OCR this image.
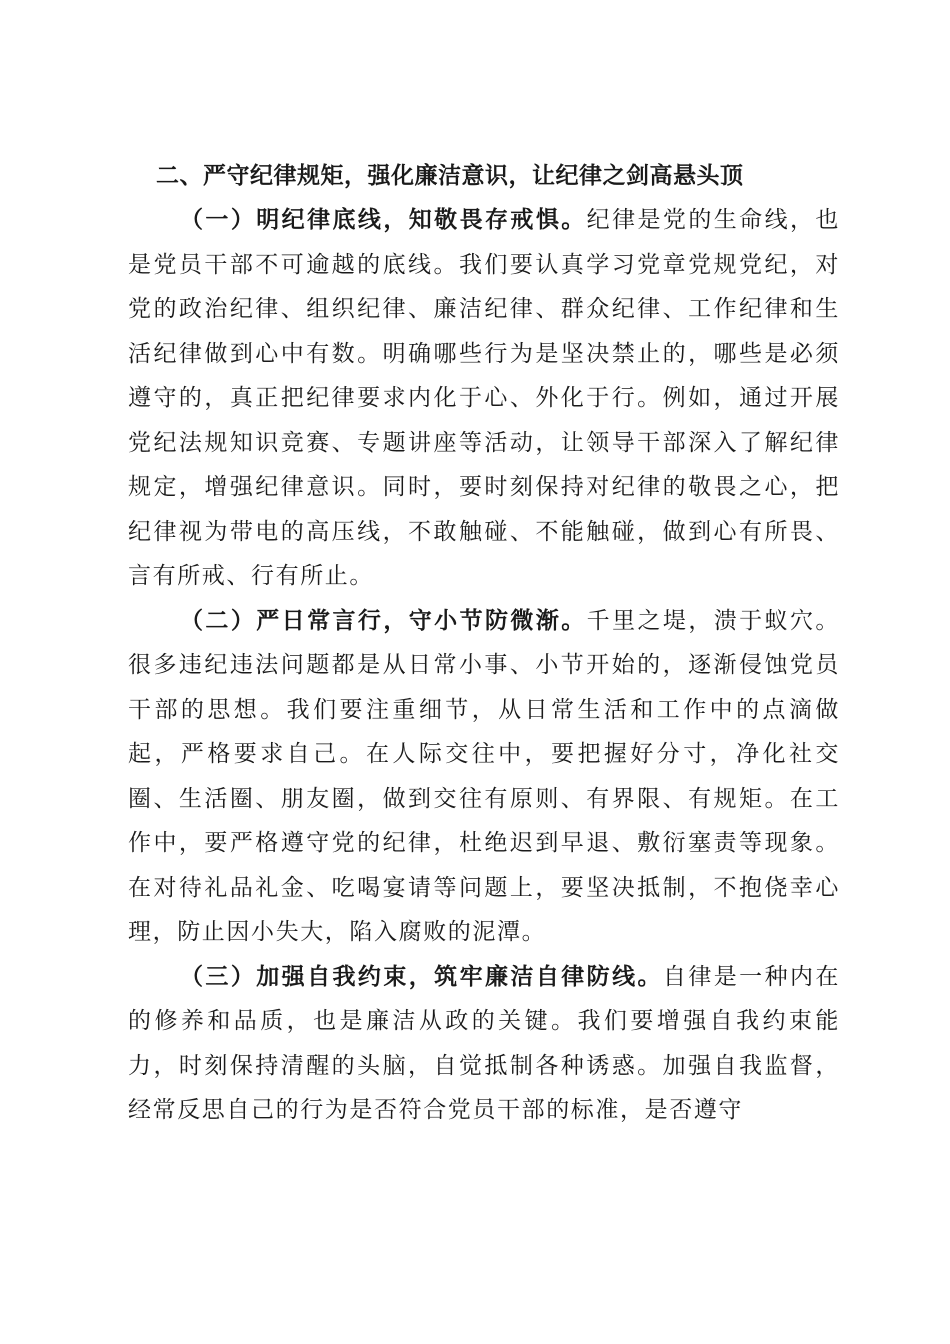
二、严守纪律规矩，强化廉洁意识，让纪律之剑高悬头顶

（一）明纪律底线，知敬畏存戒惧。纪律是党的生命线，也是党员干部不可逾越的底线。我们要认真学习党章党规党纪，对党的政治纪律、组织纪律、廉洁纪律、群众纪律、工作纪律和生活纪律做到心中有数。明确哪些行为是坚决禁止的，哪些是必须遵守的，真正把纪律要求内化于心、外化于行。例如，通过开展党纪法规知识竞赛、专题讲座等活动，让领导干部深入了解纪律规定，增强纪律意识。同时，要时刻保持对纪律的敬畏之心，把纪律视为带电的高压线，不敢触碰、不能触碰，做到心有所畏、言有所戒、行有所止。

（二）严日常言行，守小节防微渐。千里之堤，溃于蚁穴。很多违纪违法问题都是从日常小事、小节开始的，逐渐侵蚀党员干部的思想。我们要注重细节，从日常生活和工作中的点滴做起，严格要求自己。在人际交往中，要把握好分寸，净化社交圈、生活圈、朋友圈，做到交往有原则、有界限、有规矩。在工作中，要严格遵守党的纪律，杜绝迟到早退、敷衍塞责等现象。在对待礼品礼金、吃喝宴请等问题上，要坚决抵制，不抱侥幸心理，防止因小失大，陷入腐败的泥潭。

（三）加强自我约束，筑牢廉洁自律防线。自律是一种内在的修养和品质，也是廉洁从政的关键。我们要增强自我约束能力，时刻保持清醒的头脑，自觉抵制各种诱惑。加强自我监督，经常反思自己的行为是否符合党员干部的标准，是否遵守
